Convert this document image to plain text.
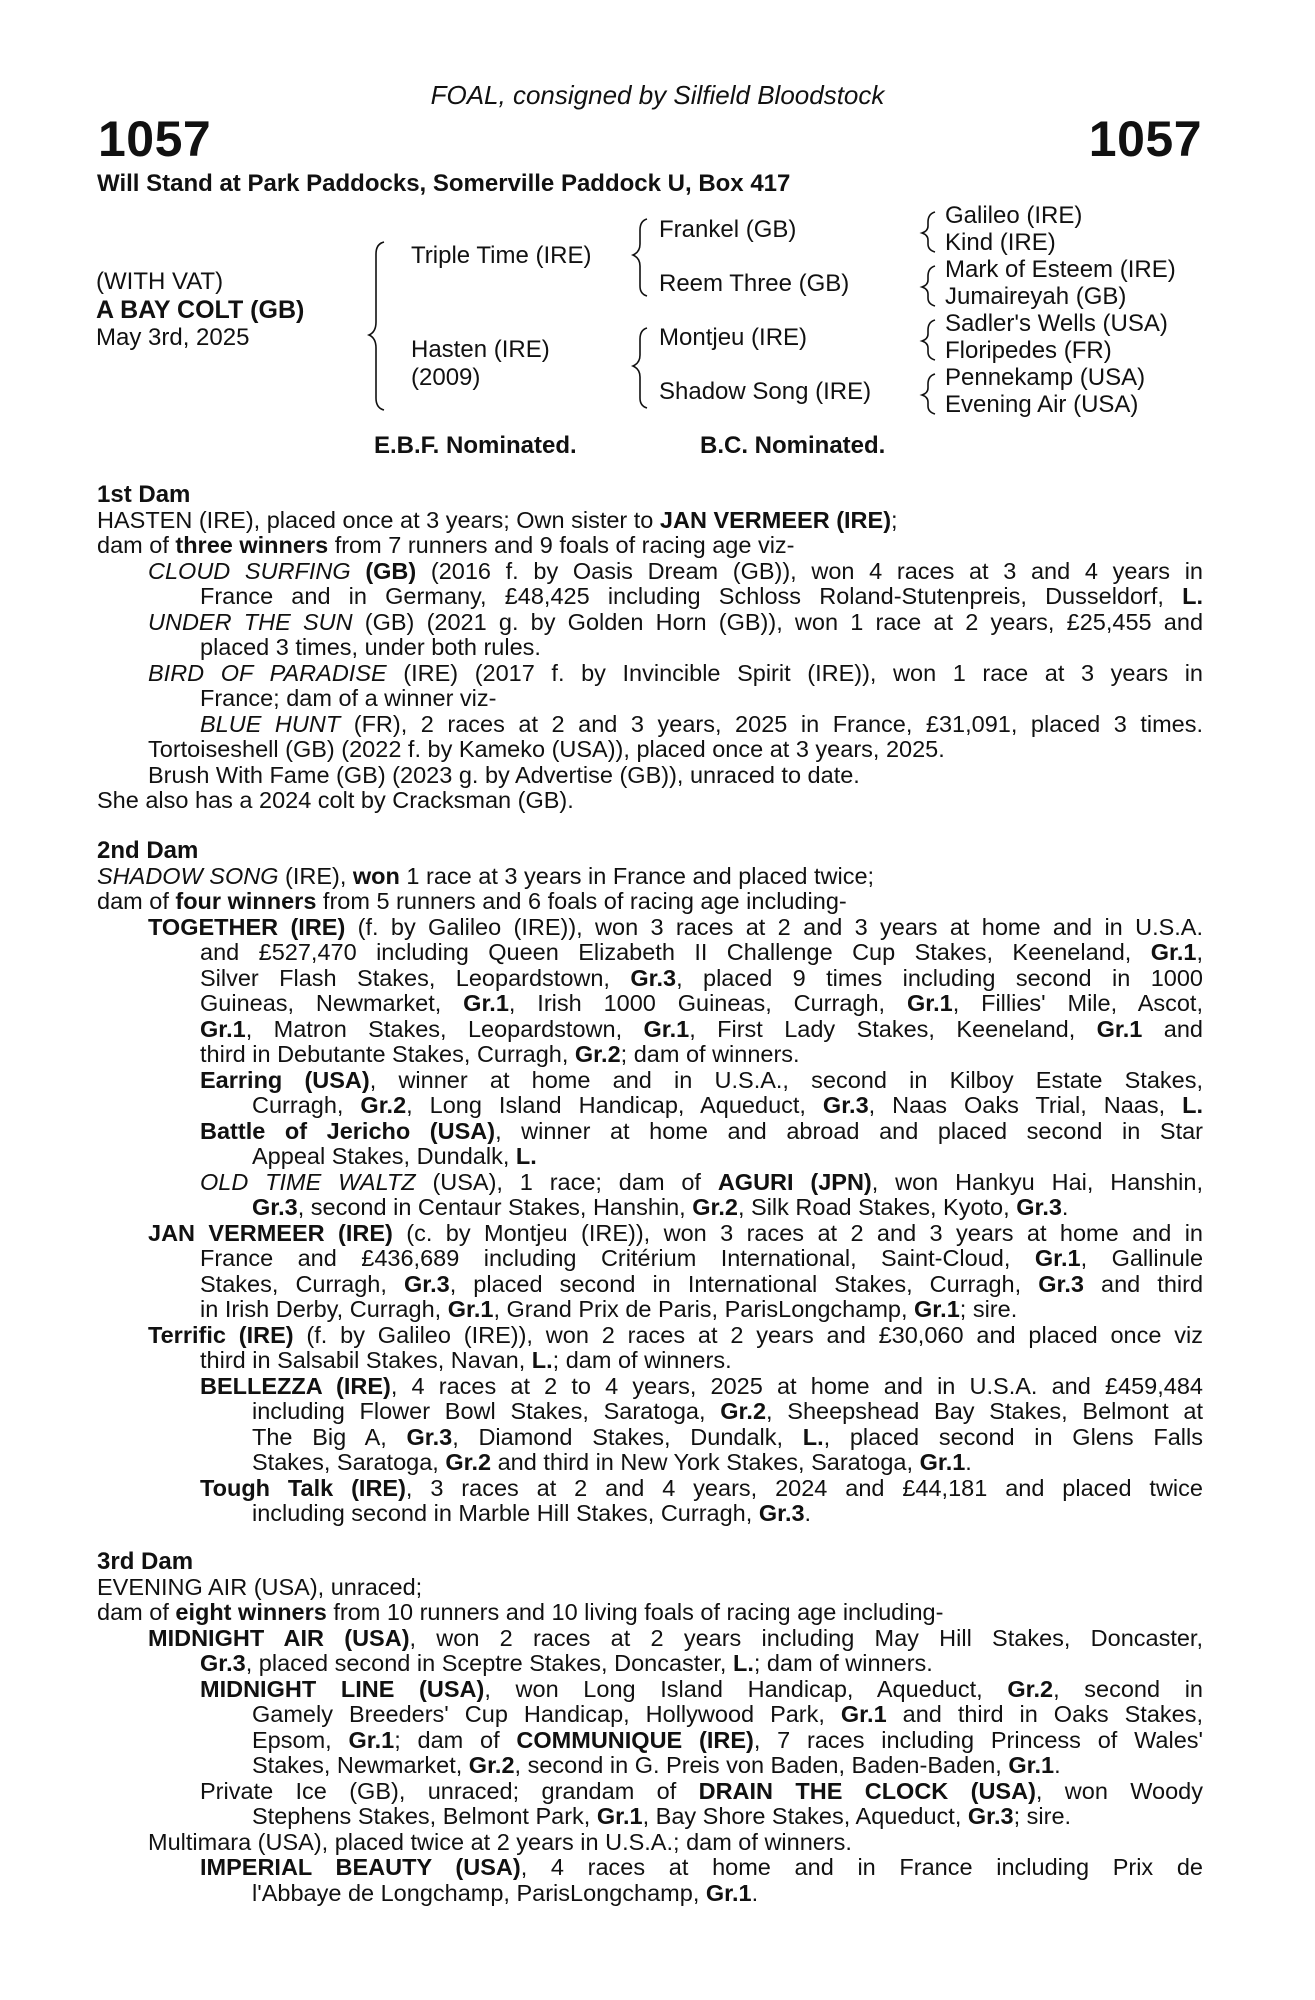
FOAL, consigned by Silfield Bloodstock
1057	1057
Will Stand at Park Paddocks, Somerville Paddock U, Box 417
(WITH VAT)
A BAY COLT (GB)
May 3rd, 2025
Triple Time (IRE)
Hasten (IRE)
(2009)
Frankel (GB)
Reem Three (GB)
Montjeu (IRE)
Shadow Song (IRE)
Galileo (IRE)
Kind (IRE)
Mark of Esteem (IRE)
Jumaireyah (GB)
Sadler's Wells (USA)
Floripedes (FR)
Pennekamp (USA)
Evening Air (USA)
E.B.F. Nominated.	B.C. Nominated.
1st Dam
HASTEN (IRE), placed once at 3 years; Own sister to JAN VERMEER (IRE);
dam of three winners from 7 runners and 9 foals of racing age viz-
CLOUD SURFING (GB) (2016 f. by Oasis Dream (GB)), won 4 races at 3 and 4 years in
France and in Germany, £48,425 including Schloss Roland-Stutenpreis, Dusseldorf, L.
UNDER THE SUN (GB) (2021 g. by Golden Horn (GB)), won 1 race at 2 years, £25,455 and
placed 3 times, under both rules.
BIRD OF PARADISE (IRE) (2017 f. by Invincible Spirit (IRE)), won 1 race at 3 years in
France; dam of a winner viz-
BLUE HUNT (FR), 2 races at 2 and 3 years, 2025 in France, £31,091, placed 3 times.
Tortoiseshell (GB) (2022 f. by Kameko (USA)), placed once at 3 years, 2025.
Brush With Fame (GB) (2023 g. by Advertise (GB)), unraced to date.
She also has a 2024 colt by Cracksman (GB).
2nd Dam
SHADOW SONG (IRE), won 1 race at 3 years in France and placed twice;
dam of four winners from 5 runners and 6 foals of racing age including-
TOGETHER (IRE) (f. by Galileo (IRE)), won 3 races at 2 and 3 years at home and in U.S.A.
and £527,470 including Queen Elizabeth II Challenge Cup Stakes, Keeneland, Gr.1,
Silver Flash Stakes, Leopardstown, Gr.3, placed 9 times including second in 1000
Guineas, Newmarket, Gr.1, Irish 1000 Guineas, Curragh, Gr.1, Fillies' Mile, Ascot,
Gr.1, Matron Stakes, Leopardstown, Gr.1, First Lady Stakes, Keeneland, Gr.1 and
third in Debutante Stakes, Curragh, Gr.2; dam of winners.
Earring (USA), winner at home and in U.S.A., second in Kilboy Estate Stakes,
Curragh, Gr.2, Long Island Handicap, Aqueduct, Gr.3, Naas Oaks Trial, Naas, L.
Battle of Jericho (USA), winner at home and abroad and placed second in Star
Appeal Stakes, Dundalk, L.
OLD TIME WALTZ (USA), 1 race; dam of AGURI (JPN), won Hankyu Hai, Hanshin,
Gr.3, second in Centaur Stakes, Hanshin, Gr.2, Silk Road Stakes, Kyoto, Gr.3.
JAN VERMEER (IRE) (c. by Montjeu (IRE)), won 3 races at 2 and 3 years at home and in
France and £436,689 including Critérium International, Saint-Cloud, Gr.1, Gallinule
Stakes, Curragh, Gr.3, placed second in International Stakes, Curragh, Gr.3 and third
in Irish Derby, Curragh, Gr.1, Grand Prix de Paris, ParisLongchamp, Gr.1; sire.
Terrific (IRE) (f. by Galileo (IRE)), won 2 races at 2 years and £30,060 and placed once viz
third in Salsabil Stakes, Navan, L.; dam of winners.
BELLEZZA (IRE), 4 races at 2 to 4 years, 2025 at home and in U.S.A. and £459,484
including Flower Bowl Stakes, Saratoga, Gr.2, Sheepshead Bay Stakes, Belmont at
The Big A, Gr.3, Diamond Stakes, Dundalk, L., placed second in Glens Falls
Stakes, Saratoga, Gr.2 and third in New York Stakes, Saratoga, Gr.1.
Tough Talk (IRE), 3 races at 2 and 4 years, 2024 and £44,181 and placed twice
including second in Marble Hill Stakes, Curragh, Gr.3.
3rd Dam
EVENING AIR (USA), unraced;
dam of eight winners from 10 runners and 10 living foals of racing age including-
MIDNIGHT AIR (USA), won 2 races at 2 years including May Hill Stakes, Doncaster,
Gr.3, placed second in Sceptre Stakes, Doncaster, L.; dam of winners.
MIDNIGHT LINE (USA), won Long Island Handicap, Aqueduct, Gr.2, second in
Gamely Breeders' Cup Handicap, Hollywood Park, Gr.1 and third in Oaks Stakes,
Epsom, Gr.1; dam of COMMUNIQUE (IRE), 7 races including Princess of Wales'
Stakes, Newmarket, Gr.2, second in G. Preis von Baden, Baden-Baden, Gr.1.
Private Ice (GB), unraced; grandam of DRAIN THE CLOCK (USA), won Woody
Stephens Stakes, Belmont Park, Gr.1, Bay Shore Stakes, Aqueduct, Gr.3; sire.
Multimara (USA), placed twice at 2 years in U.S.A.; dam of winners.
IMPERIAL BEAUTY (USA), 4 races at home and in France including Prix de
l'Abbaye de Longchamp, ParisLongchamp, Gr.1.
